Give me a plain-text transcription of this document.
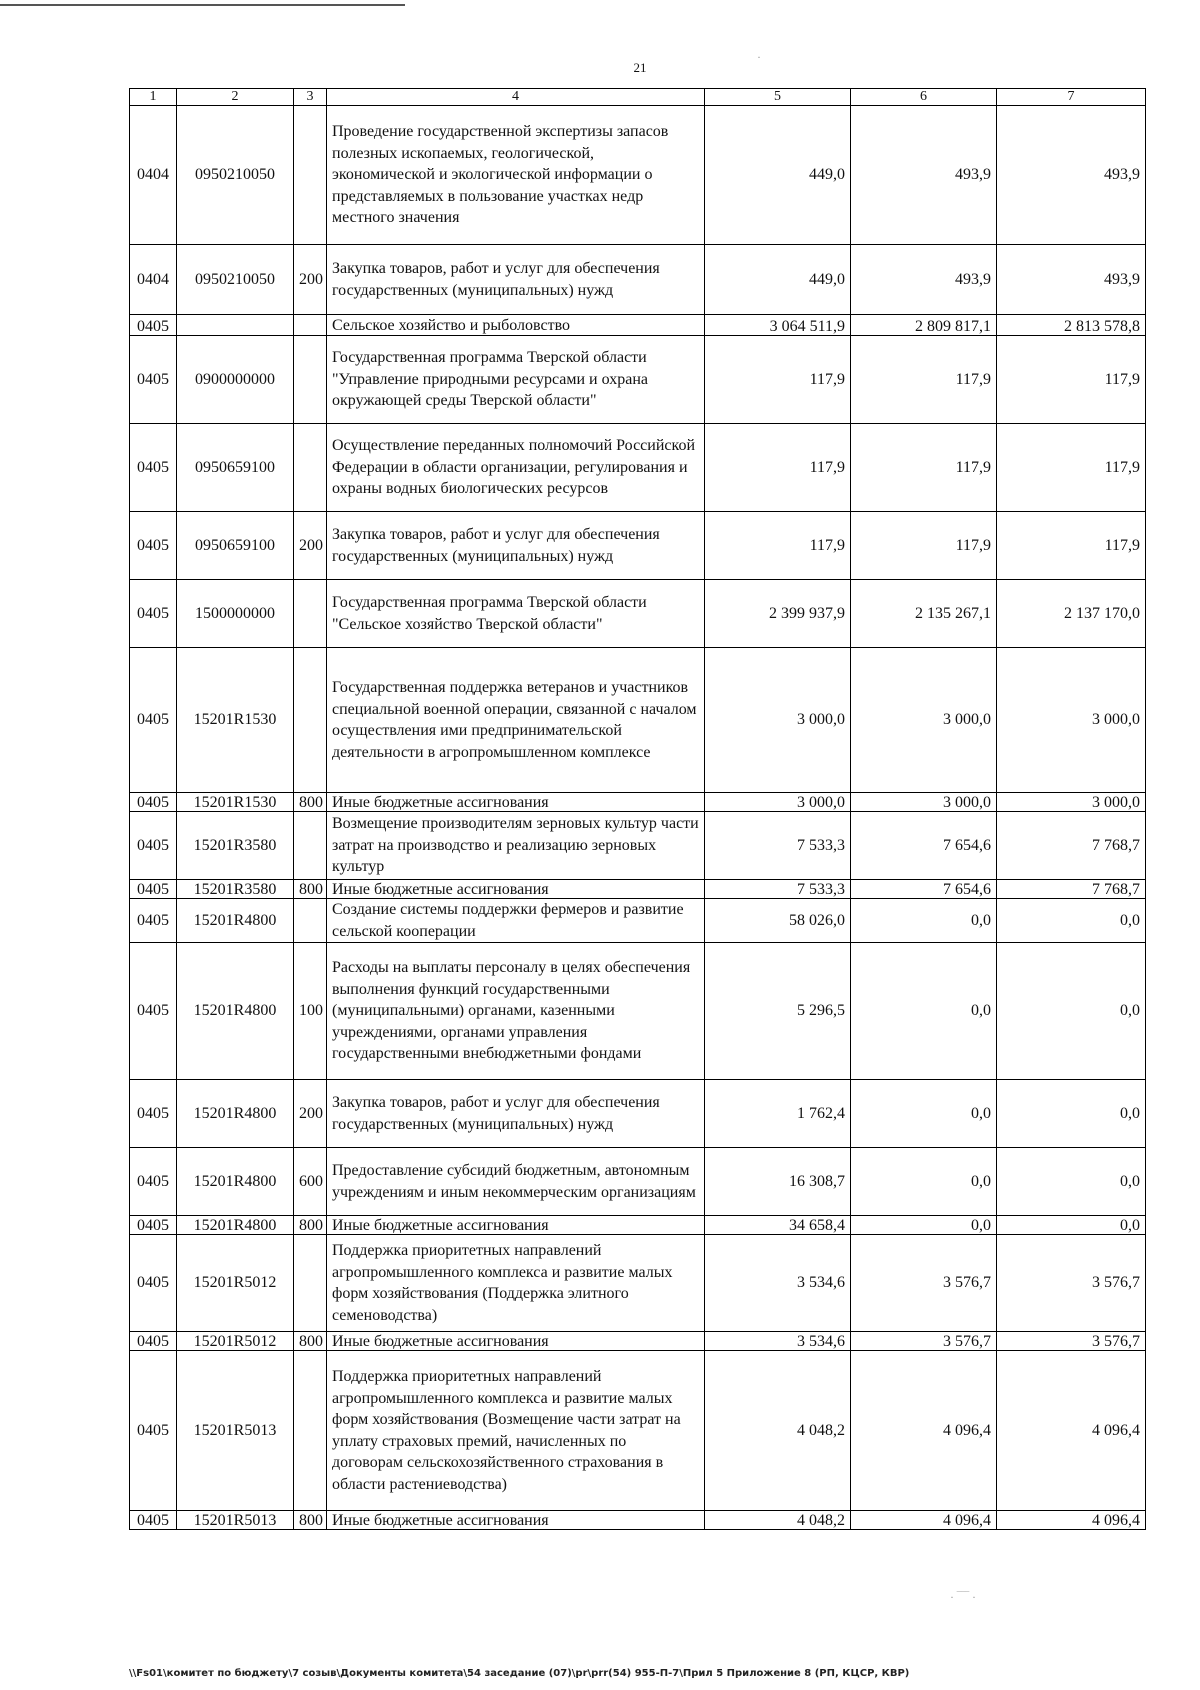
21
1	2	3	4	5	6	7
0404	0950210050		Проведение государственной экспертизы запасов полезных ископаемых, геологической, экономической и экологической информации о представляемых в пользование участках недр местного значения	449,0	493,9	493,9
0404	0950210050	200	Закупка товаров, работ и услуг для обеспечения государственных (муниципальных) нужд	449,0	493,9	493,9
0405			Сельское хозяйство и рыболовство	3 064 511,9	2 809 817,1	2 813 578,8
0405	0900000000		Государственная программа Тверской области "Управление природными ресурсами и охрана окружающей среды Тверской области"	117,9	117,9	117,9
0405	0950659100		Осуществление переданных полномочий Российской Федерации в области организации, регулирования и охраны водных биологических ресурсов	117,9	117,9	117,9
0405	0950659100	200	Закупка товаров, работ и услуг для обеспечения государственных (муниципальных) нужд	117,9	117,9	117,9
0405	1500000000		Государственная программа Тверской области "Сельское хозяйство Тверской области"	2 399 937,9	2 135 267,1	2 137 170,0
0405	15201R1530		Государственная поддержка ветеранов и участников специальной военной операции, связанной с началом осуществления ими предпринимательской деятельности в агропромышленном комплексе	3 000,0	3 000,0	3 000,0
0405	15201R1530	800	Иные бюджетные ассигнования	3 000,0	3 000,0	3 000,0
0405	15201R3580		Возмещение производителям зерновых культур части затрат на производство и реализацию зерновых культур	7 533,3	7 654,6	7 768,7
0405	15201R3580	800	Иные бюджетные ассигнования	7 533,3	7 654,6	7 768,7
0405	15201R4800		Создание системы поддержки фермеров и развитие сельской кооперации	58 026,0	0,0	0,0
0405	15201R4800	100	Расходы на выплаты персоналу в целях обеспечения выполнения функций государственными (муниципальными) органами, казенными учреждениями, органами управления государственными внебюджетными фондами	5 296,5	0,0	0,0
0405	15201R4800	200	Закупка товаров, работ и услуг для обеспечения государственных (муниципальных) нужд	1 762,4	0,0	0,0
0405	15201R4800	600	Предоставление субсидий бюджетным, автономным учреждениям и иным некоммерческим организациям	16 308,7	0,0	0,0
0405	15201R4800	800	Иные бюджетные ассигнования	34 658,4	0,0	0,0
0405	15201R5012		Поддержка приоритетных направлений агропромышленного комплекса и развитие малых форм хозяйствования (Поддержка элитного семеноводства)	3 534,6	3 576,7	3 576,7
0405	15201R5012	800	Иные бюджетные ассигнования	3 534,6	3 576,7	3 576,7
0405	15201R5013		Поддержка приоритетных направлений агропромышленного комплекса и развитие малых форм хозяйствования (Возмещение части затрат на уплату страховых премий, начисленных по договорам сельскохозяйственного страхования в области растениеводства)	4 048,2	4 096,4	4 096,4
0405	15201R5013	800	Иные бюджетные ассигнования	4 048,2	4 096,4	4 096,4
·
· ‾‾‾ ·
\\Fs01\комитет по бюджету\7 созыв\Документы комитета\54 заседание (07)\pr\prr(54) 955-П-7\Прил 5 Приложение 8 (РП, КЦСР, КВР)
